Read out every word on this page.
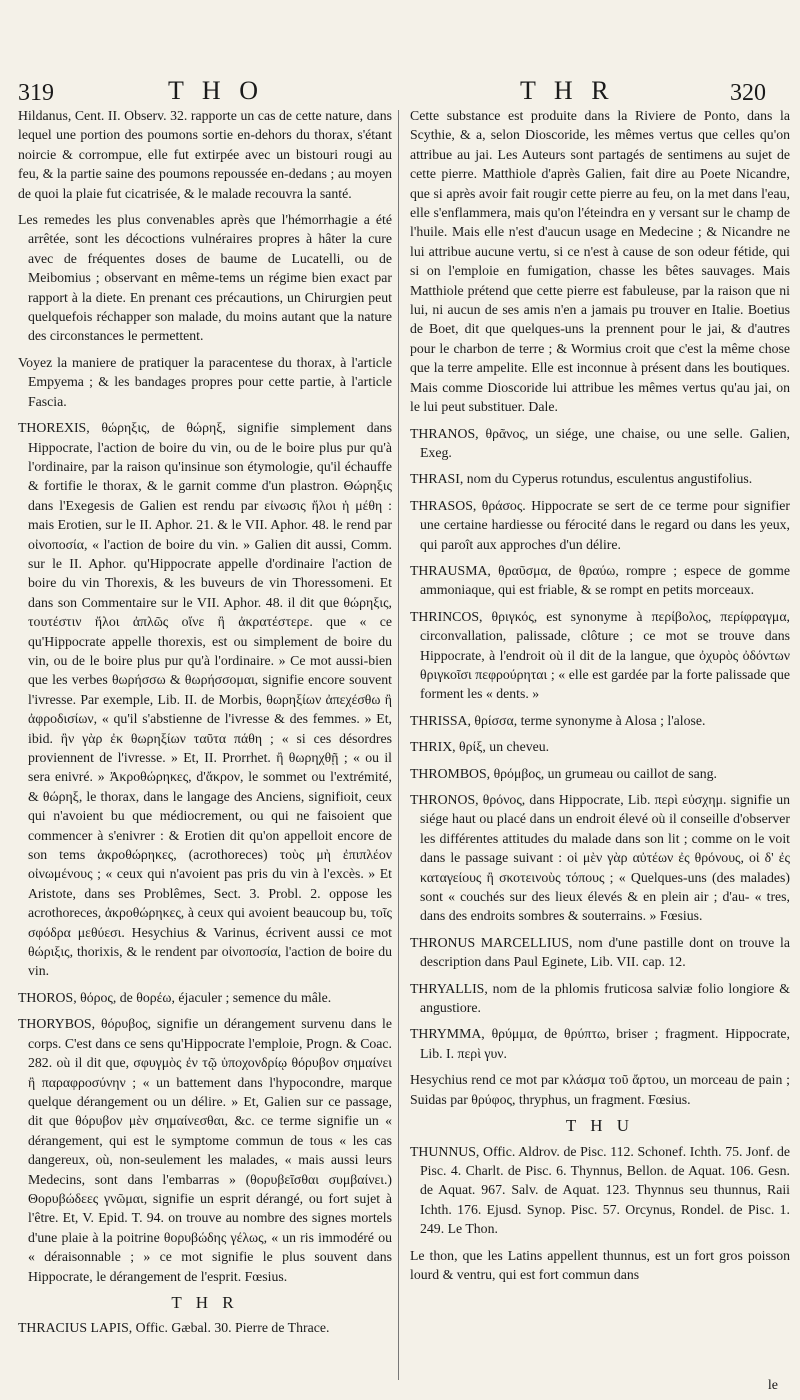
319	T H O	T H R	320

Hildanus, Cent. II. Observ. 32. rapporte un cas de cette nature, dans lequel une portion des poumons sortie en-dehors du thorax, s'étant noircie & corrompue, elle fut extirpée avec un bistouri rougi au feu, & la partie saine des poumons repoussée en-dedans ; au moyen de quoi la plaie fut cicatrisée, & le malade recouvra la santé.

Les remedes les plus convenables après que l'hémorrhagie a été arrêtée, sont les décoctions vulnéraires propres à hâter la cure avec de fréquentes doses de baume de Lucatelli, ou de Meibomius ; observant en même-tems un régime bien exact par rapport à la diete. En prenant ces précautions, un Chirurgien peut quelquefois réchapper son malade, du moins autant que la nature des circonstances le permettent.

Voyez la maniere de pratiquer la paracentese du thorax, à l'article Empyema ; & les bandages propres pour cette partie, à l'article Fascia.

THOREXIS, θώρηξις, de θώρηξ, signifie simplement dans Hippocrate, l'action de boire du vin, ou de le boire plus pur qu'à l'ordinaire, par la raison qu'insinue son étymologie, qu'il échauffe & fortifie le thorax, & le garnit comme d'un plastron. Θώρηξις dans l'Exegesis de Galien est rendu par εἰνωσις ἤλοι ἡ μέθη : mais Erotien, sur le II. Aphor. 21. & le VII. Aphor. 48. le rend par οἰνοποσία, « l'action de boire du vin. » Galien dit aussi, Comm. sur le II. Aphor. qu'Hippocrate appelle d'ordinaire l'action de boire du vin Thorexis, & les buveurs de vin Thoressomeni. Et dans son Commentaire sur le VII. Aphor. 48. il dit que θώρηξις, τουτέστιν ἤλοι ἀπλῶς οἴνε ἢ ἀκρατέστερε. que « ce qu'Hippocrate appelle thorexis, est ou simplement de boire du vin, ou de le boire plus pur qu'à l'ordinaire. » Ce mot aussi-bien que les verbes θωρήσσω & θωρήσσομαι, signifie encore souvent l'ivresse. Par exemple, Lib. II. de Morbis, θωρηξίων ἀπεχέσθω ἢ ἀφροδισίων, « qu'il s'abstienne de l'ivresse & des femmes. » Et, ibid. ἢν γὰρ ἐκ θωρηξίων ταῦτα πάθη ; « si ces désordres proviennent de l'ivresse. » Et, II. Prorrhet. ἢ θωρηχθῇ ; « ou il sera enivré. » Ἀκροθώρηκες, d'ἄκρον, le sommet ou l'extrémité, & θώρηξ, le thorax, dans le langage des Anciens, signifioit, ceux qui n'avoient bu que médiocrement, ou qui ne faisoient que commencer à s'enivrer : & Erotien dit qu'on appelloit encore de son tems ἀκροθώρηκες, (acrothoreces) τοὺς μὴ ἐπιπλέον οἰνωμένους ; « ceux qui n'avoient pas pris du vin à l'excès. » Et Aristote, dans ses Problêmes, Sect. 3. Probl. 2. oppose les acrothoreces, ἀκροθώρηκες, à ceux qui avoient beaucoup bu, τοῖς σφόδρα μεθύεσι. Hesychius & Varinus, écrivent aussi ce mot θώριξις, thorixis, & le rendent par οἰνοποσία, l'action de boire du vin.

THOROS, θόρος, de θορέω, éjaculer ; semence du mâle.

THORYBOS, θόρυβος, signifie un dérangement survenu dans le corps. C'est dans ce sens qu'Hippocrate l'emploie, Progn. & Coac. 282. où il dit que, σφυγμὸς ἐν τῷ ὑποχονδρίῳ θόρυβον σημαίνει ἢ παραφροσύνην ; « un battement dans l'hypocondre, marque quelque dérangement ou un délire. » Et, Galien sur ce passage, dit que θόρυβον μὲν σημαίνεσθαι, &c. ce terme signifie un « dérangement, qui est le symptome commun de tous « les cas dangereux, où, non-seulement les malades, « mais aussi leurs Medecins, sont dans l'embarras » (θορυβεῖσθαι συμβαίνει.) Θορυβώδεες γνῶμαι, signifie un esprit dérangé, ou fort sujet à l'être. Et, V. Epid. T. 94. on trouve au nombre des signes mortels d'une plaie à la poitrine θορυβώδης γέλως, « un ris immodéré ou « déraisonnable ; » ce mot signifie le plus souvent dans Hippocrate, le dérangement de l'esprit. Fœsius.

T H R

THRACIUS LAPIS, Offic. Gæbal. 30. Pierre de Thrace.

Cette substance est produite dans la Riviere de Ponto, dans la Scythie, & a, selon Dioscoride, les mêmes vertus que celles qu'on attribue au jai. Les Auteurs sont partagés de sentimens au sujet de cette pierre. Matthiole d'après Galien, fait dire au Poete Nicandre, que si après avoir fait rougir cette pierre au feu, on la met dans l'eau, elle s'enflammera, mais qu'on l'éteindra en y versant sur le champ de l'huile. Mais elle n'est d'aucun usage en Medecine ; & Nicandre ne lui attribue aucune vertu, si ce n'est à cause de son odeur fétide, qui si on l'emploie en fumigation, chasse les bêtes sauvages. Mais Matthiole prétend que cette pierre est fabuleuse, par la raison que ni lui, ni aucun de ses amis n'en a jamais pu trouver en Italie. Boetius de Boet, dit que quelques-uns la prennent pour le jai, & d'autres pour le charbon de terre ; & Wormius croit que c'est la même chose que la terre ampelite. Elle est inconnue à présent dans les boutiques. Mais comme Dioscoride lui attribue les mêmes vertus qu'au jai, on le lui peut substituer. Dale.

THRANOS, θρᾶνος, un siége, une chaise, ou une selle. Galien, Exeg.

THRASI, nom du Cyperus rotundus, esculentus angustifolius.

THRASOS, θράσος. Hippocrate se sert de ce terme pour signifier une certaine hardiesse ou férocité dans le regard ou dans les yeux, qui paroît aux approches d'un délire.

THRAUSMA, θραῦσμα, de θραύω, rompre ; espece de gomme ammoniaque, qui est friable, & se rompt en petits morceaux.

THRINCOS, θριγκός, est synonyme à περίβολος, περίφραγμα, circonvallation, palissade, clôture ; ce mot se trouve dans Hippocrate, à l'endroit où il dit de la langue, que ὀχυρὸς ὀδόντων θριγκοῖσι πεφρούρηται ; « elle est gardée par la forte palissade que forment les « dents. »

THRISSA, θρίσσα, terme synonyme à Alosa ; l'alose.

THRIX, θρίξ, un cheveu.

THROMBOS, θρόμβος, un grumeau ou caillot de sang.

THRONOS, θρόνος, dans Hippocrate, Lib. περὶ εὐσχημ. signifie un siége haut ou placé dans un endroit élevé où il conseille d'observer les différentes attitudes du malade dans son lit ; comme on le voit dans le passage suivant : οἱ μὲν γὰρ αὐτέων ἐς θρόνους, οἱ δ' ἐς καταγείους ἢ σκοτεινοὺς τόπους ; « Quelques-uns (des malades) sont « couchés sur des lieux élevés & en plein air ; d'au- « tres, dans des endroits sombres & souterrains. » Fœsius.

THRONUS MARCELLIUS, nom d'une pastille dont on trouve la description dans Paul Eginete, Lib. VII. cap. 12.

THRYALLIS, nom de la phlomis fruticosa salviæ folio longiore & angustiore.

THRYMMA, θρύμμα, de θρύπτω, briser ; fragment. Hippocrate, Lib. I. περὶ γυν.

Hesychius rend ce mot par κλάσμα τοῦ ἄρτου, un morceau de pain ; Suidas par θρύφος, thryphus, un fragment. Fœsius.

T H U

THUNNUS, Offic. Aldrov. de Pisc. 112. Schonef. Ichth. 75. Jonf. de Pisc. 4. Charlt. de Pisc. 6. Thynnus, Bellon. de Aquat. 106. Gesn. de Aquat. 967. Salv. de Aquat. 123. Thynnus seu thunnus, Raii Ichth. 176. Ejusd. Synop. Pisc. 57. Orcynus, Rondel. de Pisc. 1. 249. Le Thon.

Le thon, que les Latins appellent thunnus, est un fort gros poisson lourd & ventru, qui est fort commun dans

le
